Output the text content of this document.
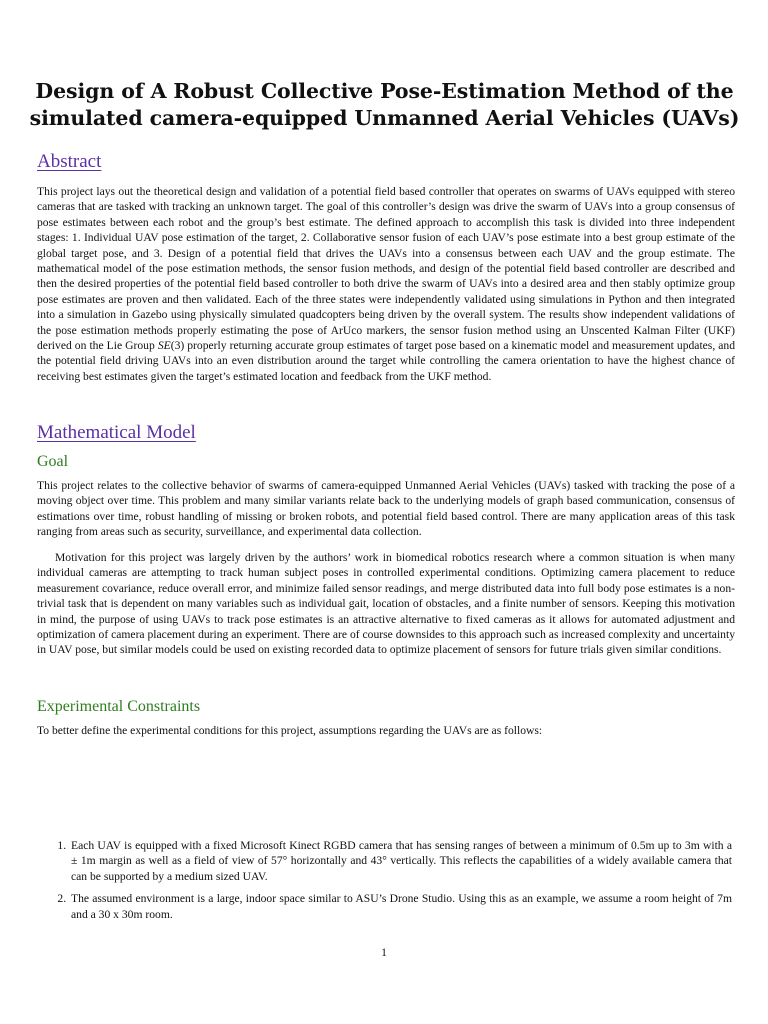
Design of A Robust Collective Pose-Estimation Method of the
simulated camera-equipped Unmanned Aerial Vehicles (UAVs)
Abstract

This project lays out the theoretical design and validation of a potential field based controller that operates on swarms of UAVs equipped with stereo cameras that are tasked with tracking an unknown target. The goal of this controller’s design was drive the swarm of UAVs into a group consensus of pose estimates between each robot and the group’s best estimate. The defined approach to accomplish this task is divided into three independent stages: 1. Individual UAV pose estimation of the target, 2. Collaborative sensor fusion of each UAV’s pose estimate into a best group estimate of the global target pose, and 3. Design of a potential field that drives the UAVs into a consensus between each UAV and the group estimate. The mathematical model of the pose estimation methods, the sensor fusion methods, and design of the potential field based controller are described and then the desired properties of the potential field based controller to both drive the swarm of UAVs into a desired area and then stably optimize group pose estimates are proven and then validated. Each of the three states were independently validated using simulations in Python and then integrated into a simulation in Gazebo using physically simulated quadcopters being driven by the overall system. The results show independent validations of the pose estimation methods properly estimating the pose of ArUco markers, the sensor fusion method using an Unscented Kalman Filter (UKF) derived on the Lie Group SE(3) properly returning accurate group estimates of target pose based on a kinematic model and measurement updates, and the potential field driving UAVs into an even distribution around the target while controlling the camera orientation to have the highest chance of receiving best estimates given the target’s estimated location and feedback from the UKF method.

Mathematical Model
Goal

This project relates to the collective behavior of swarms of camera-equipped Unmanned Aerial Vehicles (UAVs) tasked with tracking the pose of a moving object over time. This problem and many similar variants relate back to the underlying models of graph based communication, consensus of estimations over time, robust handling of missing or broken robots, and potential field based control. There are many application areas of this task ranging from areas such as security, surveillance, and experimental data collection.

Motivation for this project was largely driven by the authors’ work in biomedical robotics research where a common situation is when many individual cameras are attempting to track human subject poses in controlled experimental conditions. Optimizing camera placement to reduce measurement covariance, reduce overall error, and minimize failed sensor readings, and merge distributed data into full body pose estimates is a non-trivial task that is dependent on many variables such as individual gait, location of obstacles, and a finite number of sensors. Keeping this motivation in mind, the purpose of using UAVs to track pose estimates is an attractive alternative to fixed cameras as it allows for automated adjustment and optimization of camera placement during an experiment. There are of course downsides to this approach such as increased complexity and uncertainty in UAV pose, but similar models could be used on existing recorded data to optimize placement of sensors for future trials given similar conditions.

Experimental Constraints

To better define the experimental conditions for this project, assumptions regarding the UAVs are as follows:

1. Each UAV is equipped with a fixed Microsoft Kinect RGBD camera that has sensing ranges of between a minimum of 0.5m up to 3m with a ± 1m margin as well as a field of view of 57° horizontally and 43° vertically. This reflects the capabilities of a widely available camera that can be supported by a medium sized UAV.
2. The assumed environment is a large, indoor space similar to ASU’s Drone Studio. Using this as an example, we assume a room height of 7m and a 30 x 30m room.
1
